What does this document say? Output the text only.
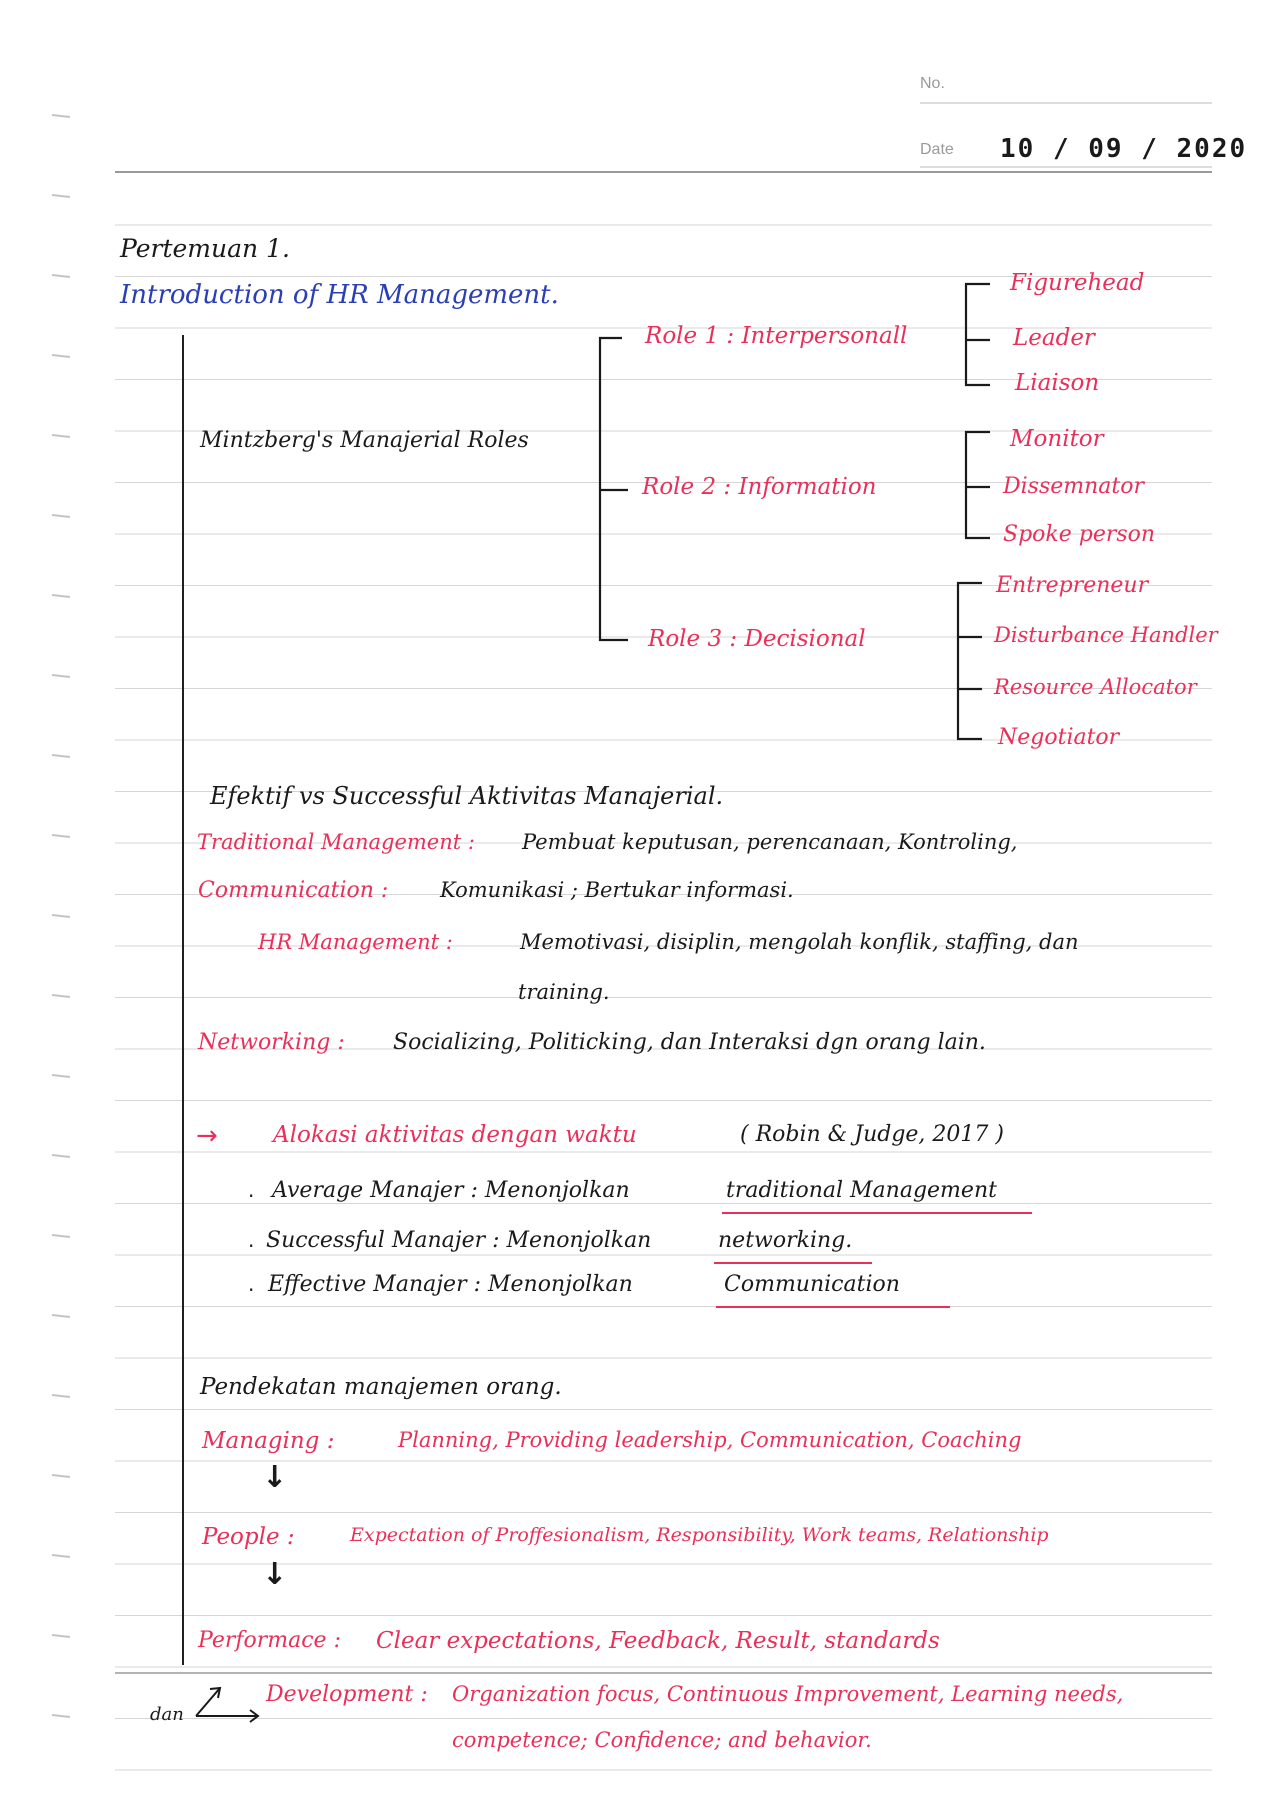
No.
Date 10 / 09 / 2020
Pertemuan 1.
Introduction of HR Management.
Mintzberg's Manajerial Roles
Role 1 : Interpersonall
Role 2 : Information
Role 3 : Decisional
Figurehead
Leader
Liaison
Monitor
Dissemnator
Spoke person
Entrepreneur
Disturbance Handler
Resource Allocator
Negotiator
Efektif vs Successful Aktivitas Manajerial.
Traditional Management : Pembuat keputusan, perencanaan, Kontroling,
Communication : Komunikasi ; Bertukar informasi.
HR Management :	Memotivasi, disiplin, mengolah konflik, staffing, dan
training.
Networking : Socializing, Politicking, dan Interaksi dgn orang lain.
→ Alokasi aktivitas dengan waktu	( Robin & Judge, 2017 )
· Average Manajer : Menonjolkan	traditional Management
· Successful Manajer : Menonjolkan	networking.
· Effective Manajer : Menonjolkan	Communication
Pendekatan manajemen orang.
Managing :	Planning, Providing leadership, Communication, Coaching
↓
People :	Expectation of Proffesionalism, Responsibility, Work teams, Relationship
↓
Performace : Clear expectations, Feedback, Result, standards
dan
Development : Organization focus, Continuous Improvement, Learning needs,
competence; Confidence; and behavior.
